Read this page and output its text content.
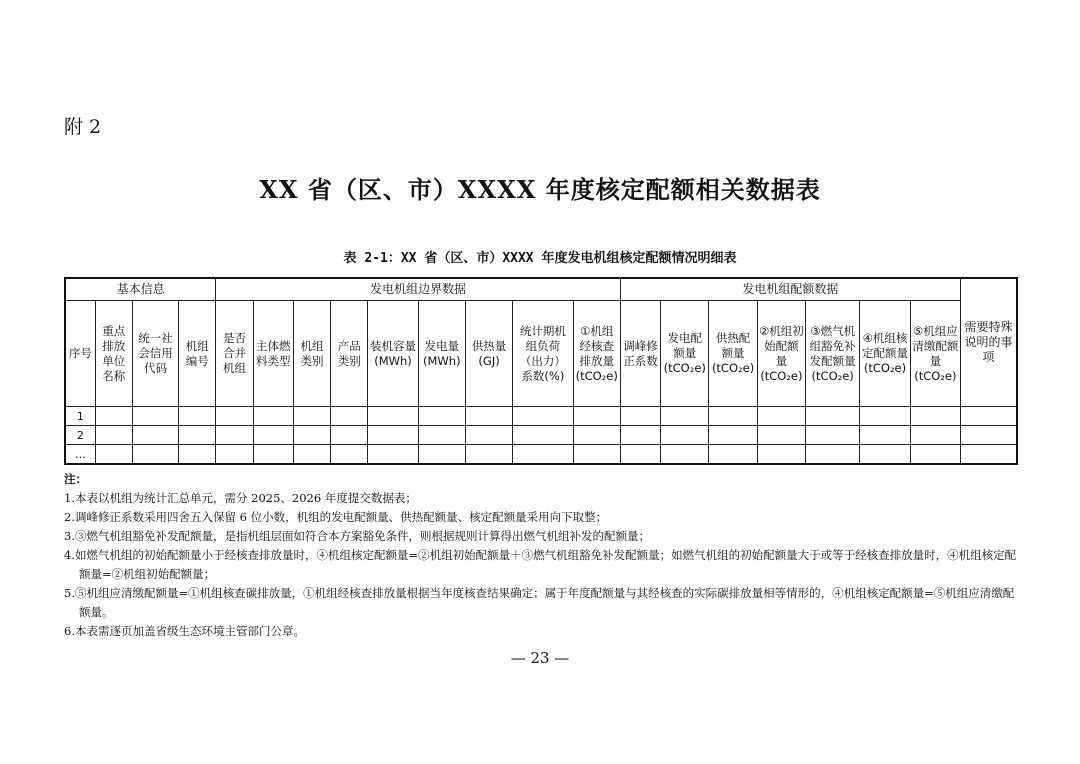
附 2
XX 省（区、市）XXXX 年度核定配额相关数据表
表 2-1：XX 省（区、市）XXXX 年度发电机组核定配额情况明细表
基本信息				发电机组边界数据									发电机组配额数据							需要特殊说明的事项
序号	重点排放单位名称	统一社会信用代码	机组编号	是否合并机组	主体燃料类型	机组类别	产品类别	装机容量(MWh)	发电量(MWh)	供热量(GJ)	统计期机组负荷（出力）系数(%)	①机组经核查排放量(tCO₂e)	调峰修正系数	发电配额量(tCO₂e)	供热配额量(tCO₂e)	②机组初始配额量(tCO₂e)	③燃气机组豁免补发配额量(tCO₂e)	④机组核定配额量(tCO₂e)	⑤机组应清缴配额量(tCO₂e)	
1																				
2																				
…																				
注：
1.本表以机组为统计汇总单元，需分 2025、2026 年度提交数据表；
2.调峰修正系数采用四舍五入保留 6 位小数，机组的发电配额量、供热配额量、核定配额量采用向下取整；
3.③燃气机组豁免补发配额量，是指机组层面如符合本方案豁免条件，则根据规则计算得出燃气机组补发的配额量；
4.如燃气机组的初始配额量小于经核查排放量时，④机组核定配额量=②机组初始配额量＋③燃气机组豁免补发配额量；如燃气机组的初始配额量大于或等于经核查排放量时，④机组核定配额量=②机组初始配额量；
5.⑤机组应清缴配额量=①机组核查碳排放量，①机组经核查排放量根据当年度核查结果确定；属于年度配额量与其经核查的实际碳排放量相等情形的，④机组核定配额量=⑤机组应清缴配额量。
6.本表需逐页加盖省级生态环境主管部门公章。
— 23 —
